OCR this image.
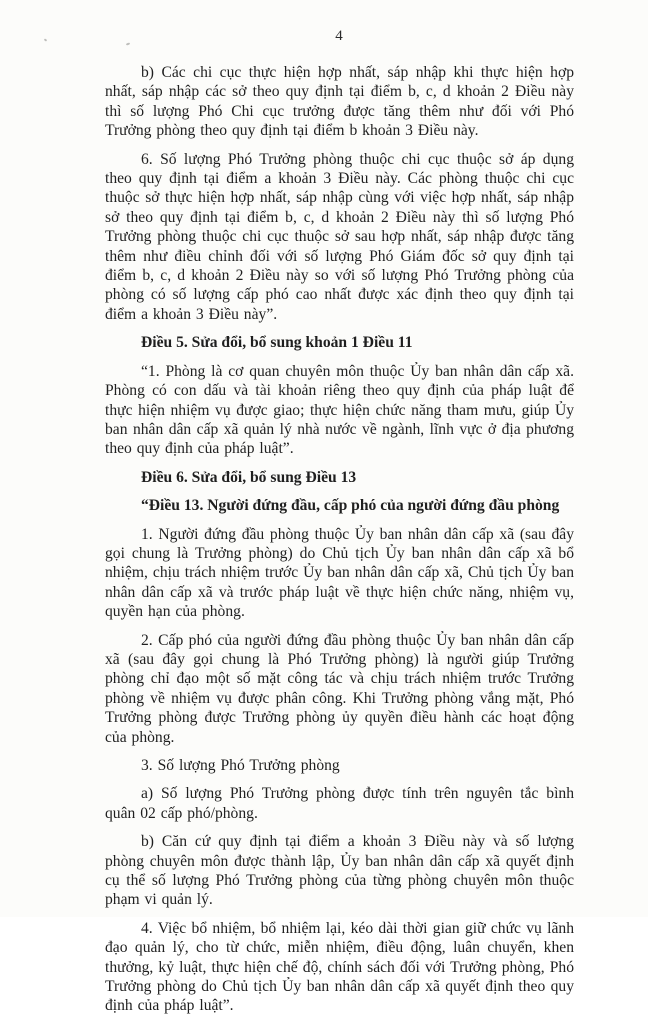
4

b) Các chi cục thực hiện hợp nhất, sáp nhập khi thực hiện hợp nhất, sáp nhập các sở theo quy định tại điểm b, c, d khoản 2 Điều này thì số lượng Phó Chi cục trưởng được tăng thêm như đối với Phó Trưởng phòng theo quy định tại điểm b khoản 3 Điều này.

6. Số lượng Phó Trưởng phòng thuộc chi cục thuộc sở áp dụng theo quy định tại điểm a khoản 3 Điều này. Các phòng thuộc chi cục thuộc sở thực hiện hợp nhất, sáp nhập cùng với việc hợp nhất, sáp nhập sở theo quy định tại điểm b, c, d khoản 2 Điều này thì số lượng Phó Trưởng phòng thuộc chi cục thuộc sở sau hợp nhất, sáp nhập được tăng thêm như điều chỉnh đối với số lượng Phó Giám đốc sở quy định tại điểm b, c, d khoản 2 Điều này so với số lượng Phó Trưởng phòng của phòng có số lượng cấp phó cao nhất được xác định theo quy định tại điểm a khoản 3 Điều này”.

Điều 5. Sửa đổi, bổ sung khoản 1 Điều 11

“1. Phòng là cơ quan chuyên môn thuộc Ủy ban nhân dân cấp xã. Phòng có con dấu và tài khoản riêng theo quy định của pháp luật để thực hiện nhiệm vụ được giao; thực hiện chức năng tham mưu, giúp Ủy ban nhân dân cấp xã quản lý nhà nước về ngành, lĩnh vực ở địa phương theo quy định của pháp luật”.

Điều 6. Sửa đổi, bổ sung Điều 13

“Điều 13. Người đứng đầu, cấp phó của người đứng đầu phòng

1. Người đứng đầu phòng thuộc Ủy ban nhân dân cấp xã (sau đây gọi chung là Trưởng phòng) do Chủ tịch Ủy ban nhân dân cấp xã bổ nhiệm, chịu trách nhiệm trước Ủy ban nhân dân cấp xã, Chủ tịch Ủy ban nhân dân cấp xã và trước pháp luật về thực hiện chức năng, nhiệm vụ, quyền hạn của phòng.

2. Cấp phó của người đứng đầu phòng thuộc Ủy ban nhân dân cấp xã (sau đây gọi chung là Phó Trưởng phòng) là người giúp Trưởng phòng chỉ đạo một số mặt công tác và chịu trách nhiệm trước Trưởng phòng về nhiệm vụ được phân công. Khi Trưởng phòng vắng mặt, Phó Trưởng phòng được Trưởng phòng ủy quyền điều hành các hoạt động của phòng.

3. Số lượng Phó Trưởng phòng

a) Số lượng Phó Trưởng phòng được tính trên nguyên tắc bình quân 02 cấp phó/phòng.

b) Căn cứ quy định tại điểm a khoản 3 Điều này và số lượng phòng chuyên môn được thành lập, Ủy ban nhân dân cấp xã quyết định cụ thể số lượng Phó Trưởng phòng của từng phòng chuyên môn thuộc phạm vi quản lý.

4. Việc bổ nhiệm, bổ nhiệm lại, kéo dài thời gian giữ chức vụ lãnh đạo quản lý, cho từ chức, miễn nhiệm, điều động, luân chuyển, khen thưởng, kỷ luật, thực hiện chế độ, chính sách đối với Trưởng phòng, Phó Trưởng phòng do Chủ tịch Ủy ban nhân dân cấp xã quyết định theo quy định của pháp luật”.
